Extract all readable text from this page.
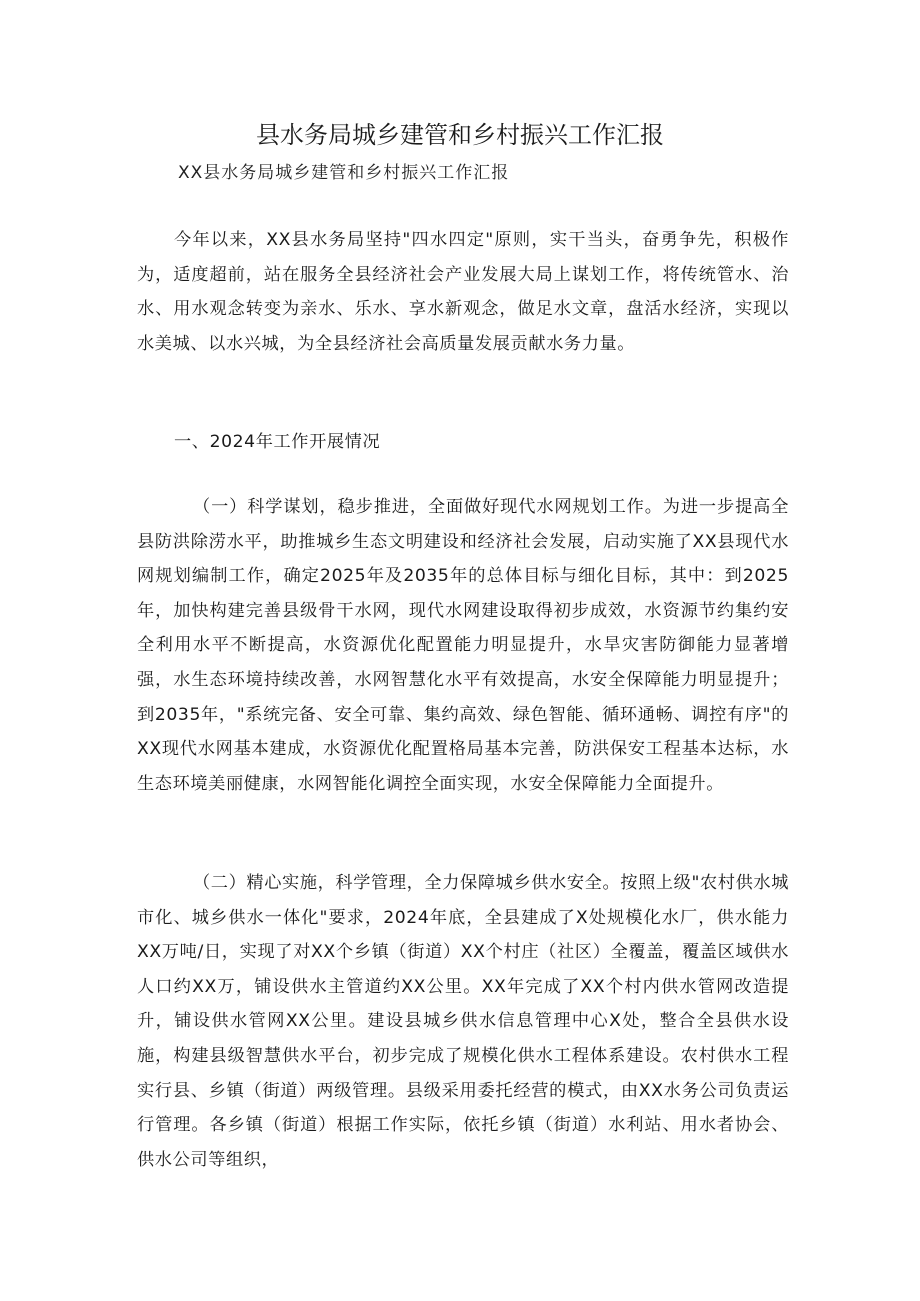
县水务局城乡建管和乡村振兴工作汇报
XX县水务局城乡建管和乡村振兴工作汇报

今年以来，XX县水务局坚持"四水四定"原则，实干当头，奋勇争先，积极作为，适度超前，站在服务全县经济社会产业发展大局上谋划工作，将传统管水、治水、用水观念转变为亲水、乐水、享水新观念，做足水文章，盘活水经济，实现以水美城、以水兴城，为全县经济社会高质量发展贡献水务力量。

一、2024年工作开展情况

（一）科学谋划，稳步推进，全面做好现代水网规划工作。为进一步提高全县防洪除涝水平，助推城乡生态文明建设和经济社会发展，启动实施了XX县现代水网规划编制工作，确定2025年及2035年的总体目标与细化目标，其中：到2025年，加快构建完善县级骨干水网，现代水网建设取得初步成效，水资源节约集约安全利用水平不断提高，水资源优化配置能力明显提升，水旱灾害防御能力显著增强，水生态环境持续改善，水网智慧化水平有效提高，水安全保障能力明显提升；到2035年，"系统完备、安全可靠、集约高效、绿色智能、循环通畅、调控有序"的XX现代水网基本建成，水资源优化配置格局基本完善，防洪保安工程基本达标，水生态环境美丽健康，水网智能化调控全面实现，水安全保障能力全面提升。

（二）精心实施，科学管理，全力保障城乡供水安全。按照上级"农村供水城市化、城乡供水一体化"要求，2024年底，全县建成了X处规模化水厂，供水能力XX万吨/日，实现了对XX个乡镇（街道）XX个村庄（社区）全覆盖，覆盖区域供水人口约XX万，铺设供水主管道约XX公里。XX年完成了XX个村内供水管网改造提升，铺设供水管网XX公里。建设县城乡供水信息管理中心X处，整合全县供水设施，构建县级智慧供水平台，初步完成了规模化供水工程体系建设。农村供水工程实行县、乡镇（街道）两级管理。县级采用委托经营的模式，由XX水务公司负责运行管理。各乡镇（街道）根据工作实际，依托乡镇（街道）水利站、用水者协会、供水公司等组织，
